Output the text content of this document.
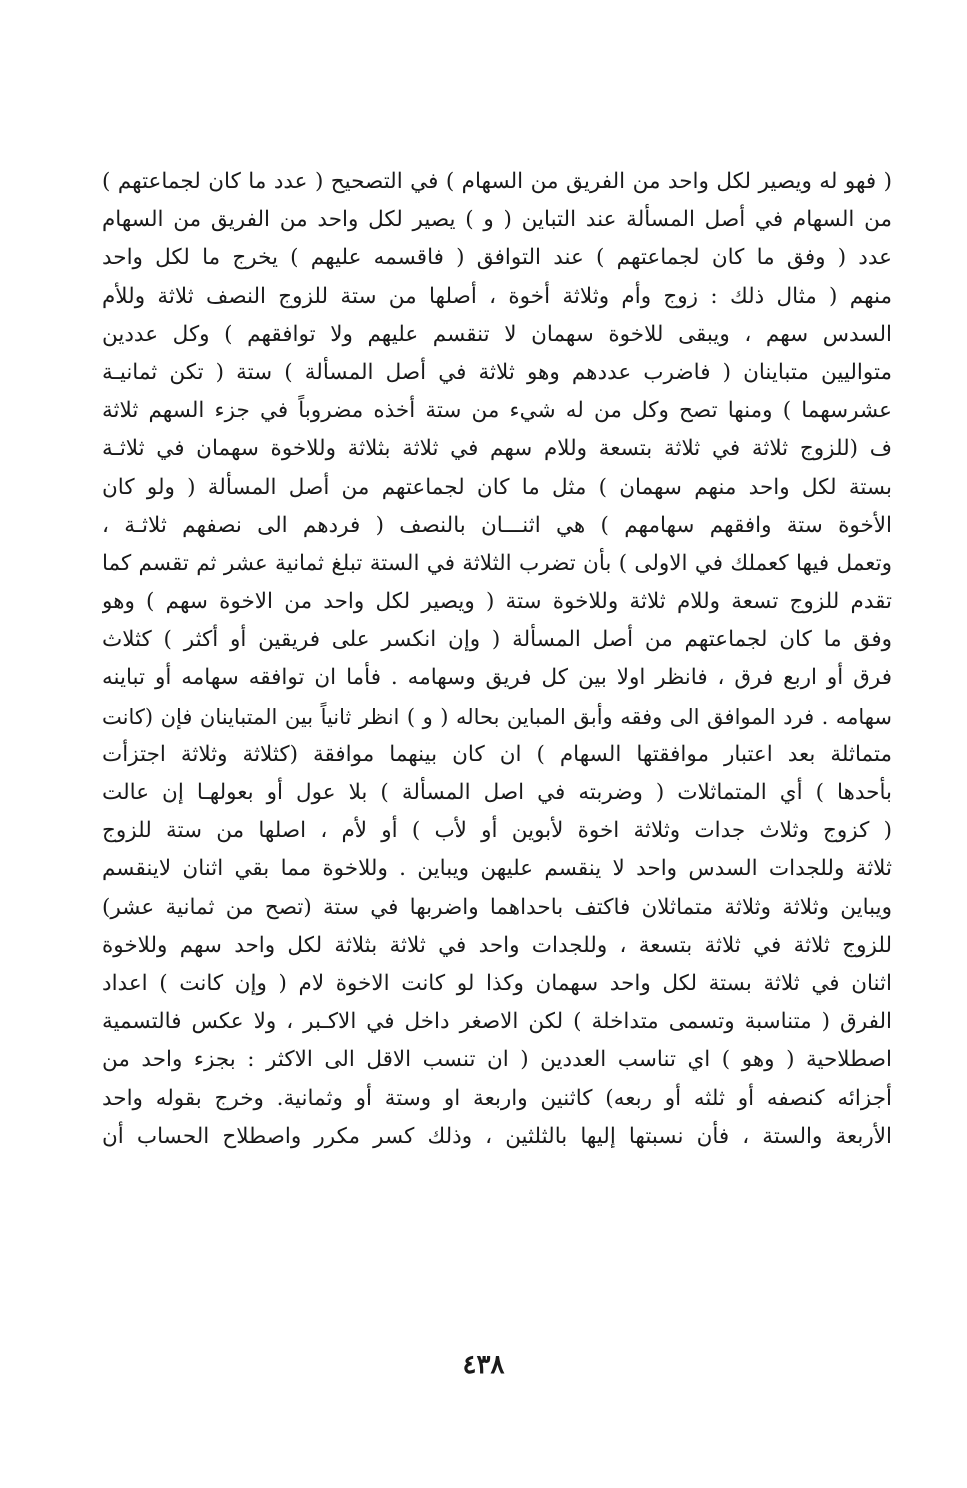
( فهو له ويصير لكل واحد من الفريق من السهام ) في التصحيح ( عدد ما كان لجماعتهم )
من السهام في أصل المسألة عند التباين ( و ) يصير لكل واحد من الفريق من السهام
عدد ( وفق ما كان لجماعتهم ) عند التوافق ( فاقسمه عليهم ) يخرج ما لكل واحد
منهم ( مثال ذلك : زوج وأم وثلاثة أخوة ، أصلها من ستة للزوج النصف ثلاثة وللأم
السدس سهم ، ويبقى للاخوة سهمان لا تنقسم عليهم ولا توافقهم ) وكل عددين
متواليين متباينان ( فاضرب عددهم وهو ثلاثة في أصل المسألة ) ستة ( تكن ثمانيـة
عشرسهما ) ومنها تصح وكل من له شيء من ستة أخذه مضروباً في جزء السهم ثلاثة
ف (للزوج ثلاثة في ثلاثة بتسعة وللام سهم في ثلاثة بثلاثة وللاخوة سهمان في ثلاثـة
بستة لكل واحد منهم سهمان ) مثل ما كان لجماعتهم من أصل المسألة ( ولو كان
الأخوة ستة وافقهم سهامهم ) هي اثنـــان بالنصف ( فردهم الى نصفهم ثلاثـة ،
وتعمل فيها كعملك في الاولى ) بأن تضرب الثلاثة في الستة تبلغ ثمانية عشر ثم تقسم كما
تقدم للزوج تسعة وللام ثلاثة وللاخوة ستة ( ويصير لكل واحد من الاخوة سهم ) وهو
وفق ما كان لجماعتهم من أصل المسألة ( وإن انكسر على فريقين أو أكثر ) كثلاث
فرق أو اربع فرق ، فانظر اولا بين كل فريق وسهامه . فأما ان توافقه سهامه أو تباينه
سهامه . فرد الموافق الى وفقه وأبق المباين بحاله ( و ) انظر ثانياً بين المتباينان فإن (كانت
متماثلة بعد اعتبار موافقتها السهام ) ان كان بينهما موافقة (كثلاثة وثلاثة اجتزأت
بأحدها ) أي المتماثلات ( وضربته في اصل المسألة ) بلا عول أو بعولهـا إن عالت
( كزوج وثلاث جدات وثلاثة اخوة لأبوين أو لأب ) أو لأم ، اصلها من ستة للزوج
ثلاثة وللجدات السدس واحد لا ينقسم عليهن ويباين . وللاخوة مما بقي اثنان لاينقسم
ويباين وثلاثة وثلاثة متماثلان فاكتف باحداهما واضربها في ستة (تصح من ثمانية عشر)
للزوج ثلاثة في ثلاثة بتسعة ، وللجدات واحد في ثلاثة بثلاثة لكل واحد سهم وللاخوة
اثنان في ثلاثة بستة لكل واحد سهمان وكذا لو كانت الاخوة لام ( وإن كانت ) اعداد
الفرق ( متناسبة وتسمى متداخلة ) لكن الاصغر داخل في الاكـبر ، ولا عكس فالتسمية
اصطلاحية ( وهو ) اي تناسب العددين ( ان تنسب الاقل الى الاكثر : بجزء واحد من
أجزائه كنصفه أو ثلثه أو ربعه) كاثنين واربعة او وستة أو وثمانية. وخرج بقوله واحد
الأربعة والستة ، فأن نسبتها إليها بالثلثين ، وذلك كسر مكرر واصطلاح الحساب أن
٤٣٨
